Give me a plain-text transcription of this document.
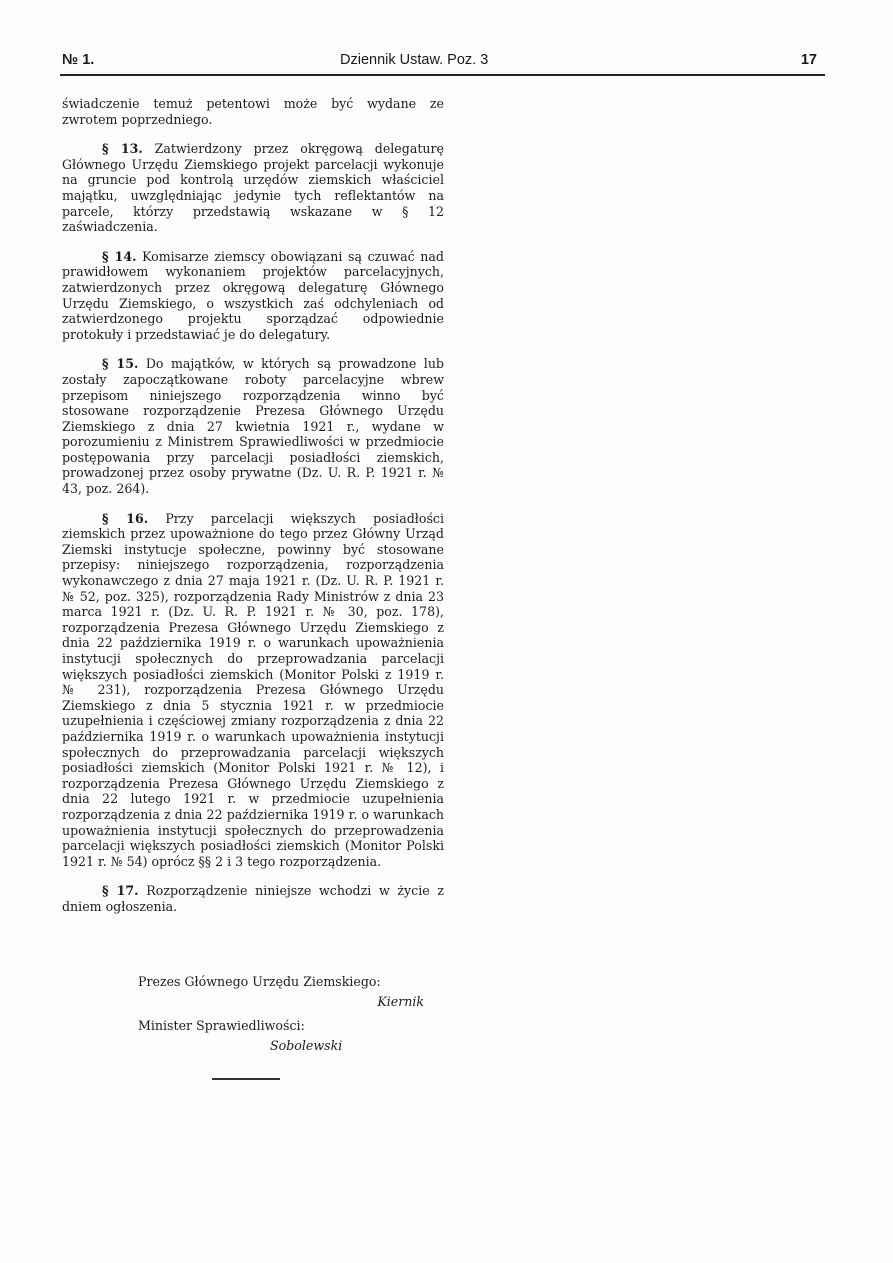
№ 1.	Dziennik Ustaw. Poz. 3	17

świadczenie temuż petentowi może być wydane ze zwrotem poprzedniego.

§ 13. Zatwierdzony przez okręgową delegaturę Głównego Urzędu Ziemskiego projekt parcelacji wykonuje na gruncie pod kontrolą urzędów ziemskich właściciel majątku, uwzględniając jedynie tych reflektantów na parcele, którzy przedstawią wskazane w § 12 zaświadczenia.

§ 14. Komisarze ziemscy obowiązani są czuwać nad prawidłowem wykonaniem projektów parcelacyjnych, zatwierdzonych przez okręgową delegaturę Głównego Urzędu Ziemskiego, o wszystkich zaś odchyleniach od zatwierdzonego projektu sporządzać odpowiednie protokuły i przedstawiać je do delegatury.

§ 15. Do majątków, w których są prowadzone lub zostały zapoczątkowane roboty parcelacyjne wbrew przepisom niniejszego rozporządzenia winno być stosowane rozporządzenie Prezesa Głównego Urzędu Ziemskiego z dnia 27 kwietnia 1921 r., wydane w porozumieniu z Ministrem Sprawiedliwości w przedmiocie postępowania przy parcelacji posiadłości ziemskich, prowadzonej przez osoby prywatne (Dz. U. R. P. 1921 r. № 43, poz. 264).

§ 16. Przy parcelacji większych posiadłości ziemskich przez upoważnione do tego przez Główny Urząd Ziemski instytucje społeczne, powinny być stosowane przepisy: niniejszego rozporządzenia, rozporządzenia wykonawczego z dnia 27 maja 1921 r. (Dz. U. R. P. 1921 r. № 52, poz. 325), rozporządzenia Rady Ministrów z dnia 23 marca 1921 r. (Dz. U. R. P. 1921 r. № 30, poz. 178), rozporządzenia Prezesa Głównego Urzędu Ziemskiego z dnia 22 października 1919 r. o warunkach upoważnienia instytucji społecznych do przeprowadzania parcelacji większych posiadłości ziemskich (Monitor Polski z 1919 r. № 231), rozporządzenia Prezesa Głównego Urzędu Ziemskiego z dnia 5 stycznia 1921 r. w przedmiocie uzupełnienia i częściowej zmiany rozporządzenia z dnia 22 października 1919 r. o warunkach upoważnienia instytucji społecznych do przeprowadzania parcelacji większych posiadłości ziemskich (Monitor Polski 1921 r. № 12), i rozporządzenia Prezesa Głównego Urzędu Ziemskiego z dnia 22 lutego 1921 r. w przedmiocie uzupełnienia rozporządzenia z dnia 22 października 1919 r. o warunkach upoważnienia instytucji społecznych do przeprowadzenia parcelacji większych posiadłości ziemskich (Monitor Polski 1921 r. № 54) oprócz §§ 2 i 3 tego rozporządzenia.

§ 17. Rozporządzenie niniejsze wchodzi w życie z dniem ogłoszenia.

Prezes Głównego Urzędu Ziemskiego:
Kiernik
Minister Sprawiedliwości:
Sobolewski
